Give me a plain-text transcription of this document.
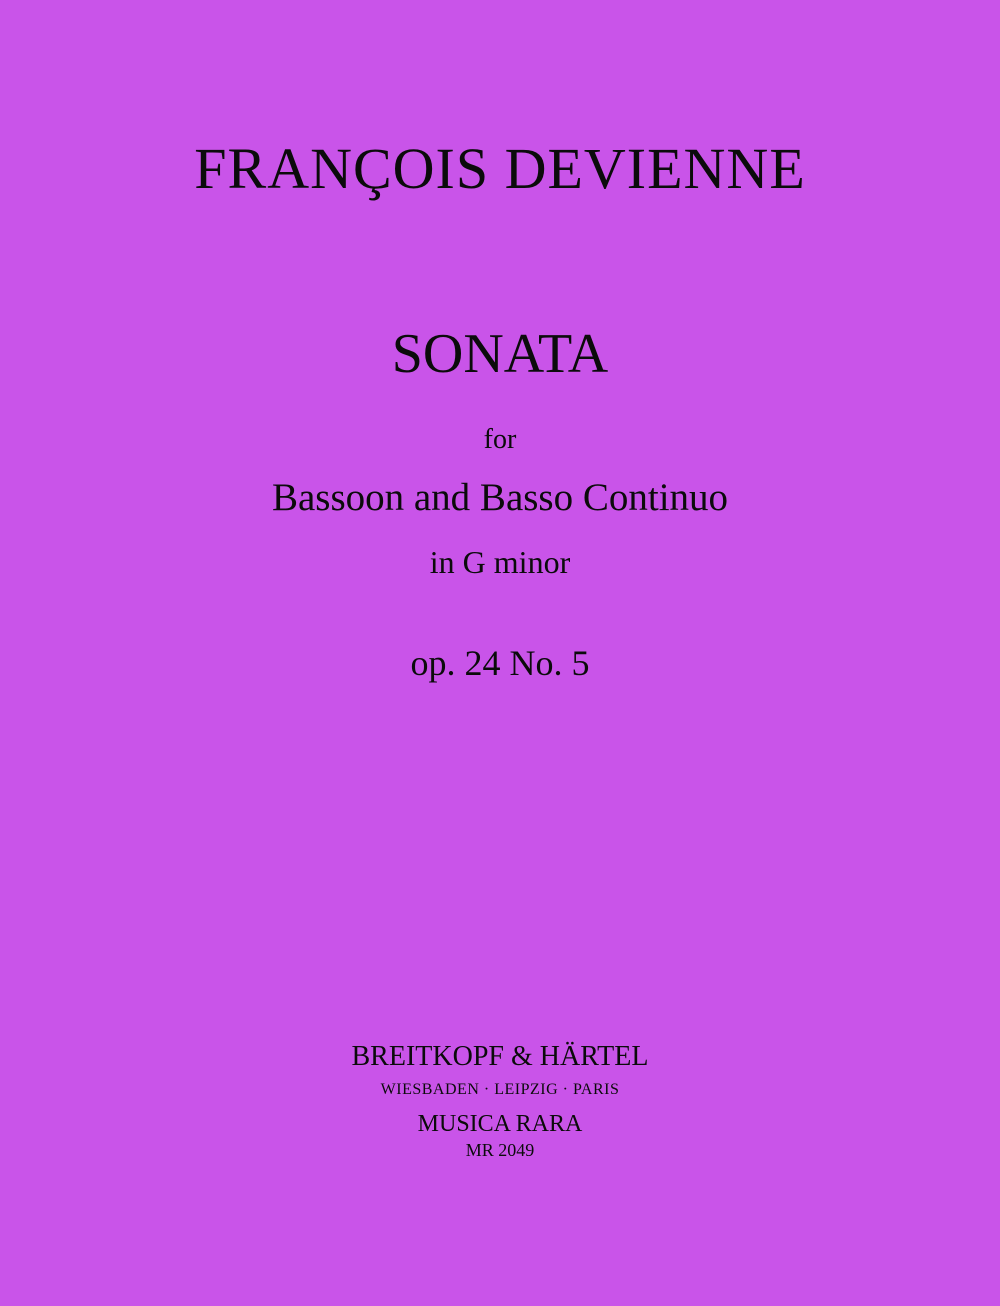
FRANÇOIS DEVIENNE
SONATA
for
Bassoon and Basso Continuo
in G minor
op. 24 No. 5
BREITKOPF & HÄRTEL
WIESBADEN · LEIPZIG · PARIS
MUSICA RARA
MR 2049
